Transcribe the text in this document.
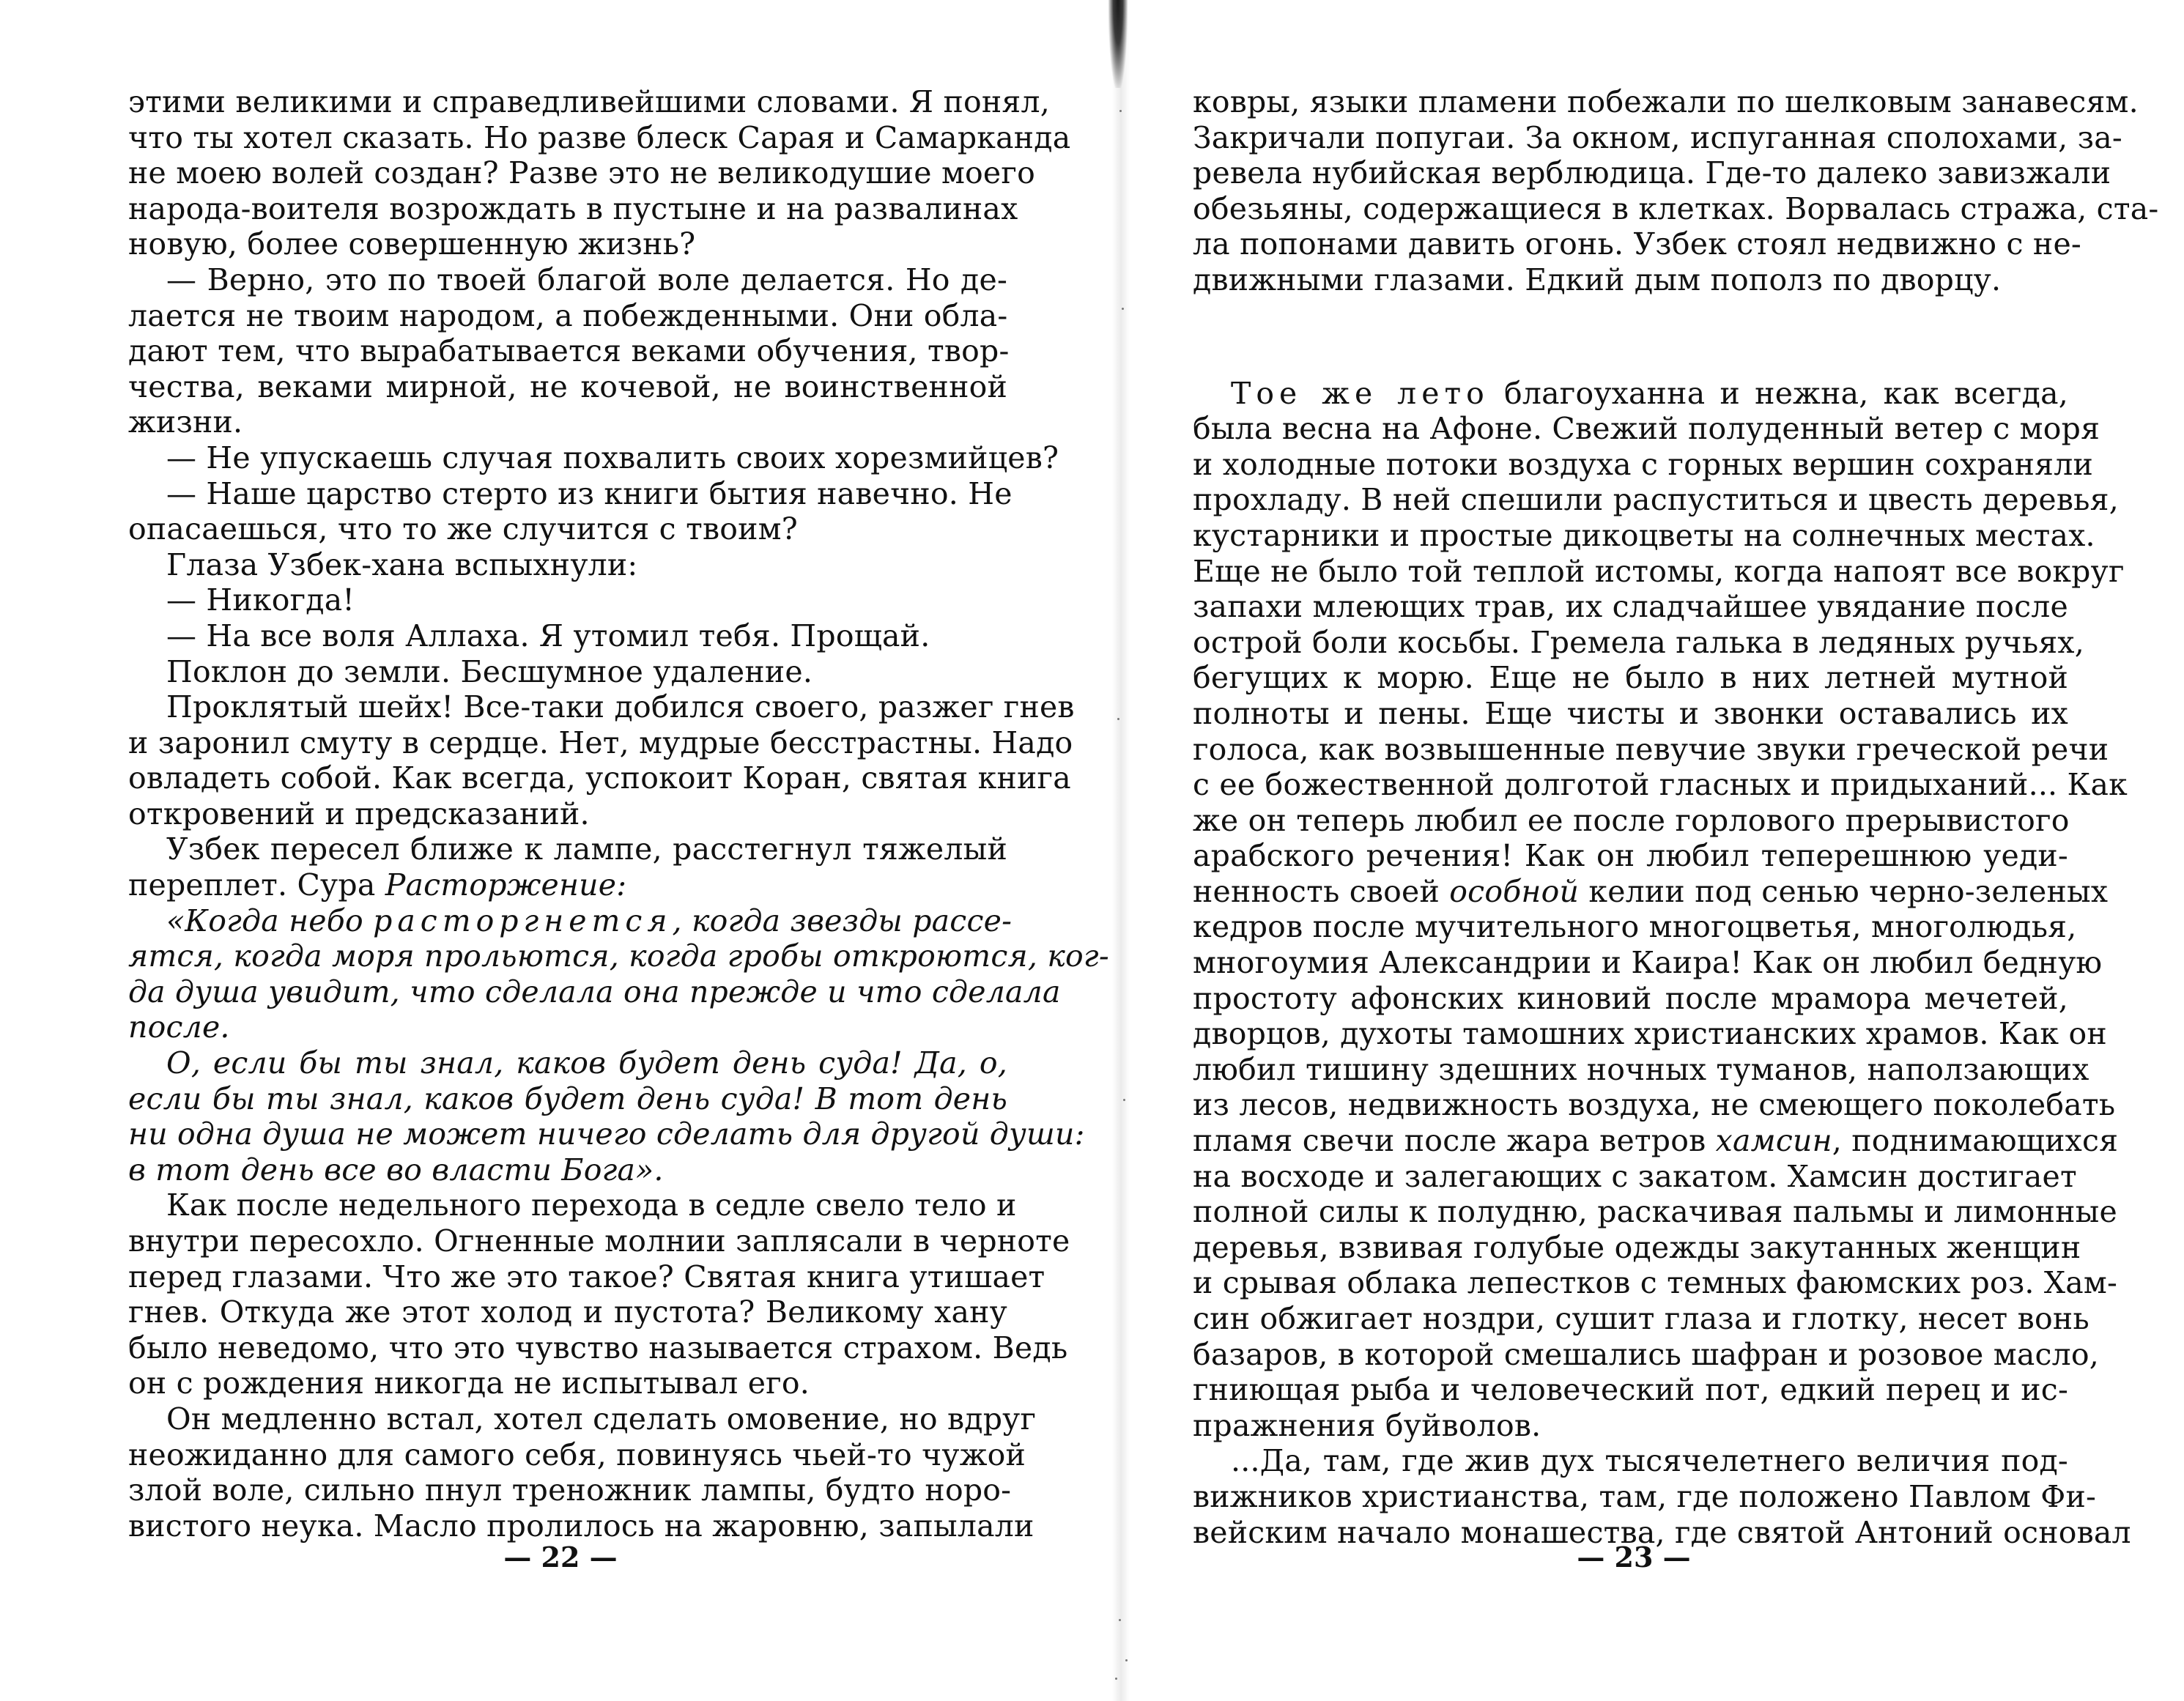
этими великими и справедливейшими словами. Я понял,
что ты хотел сказать. Но разве блеск Сарая и Самарканда
не моею волей создан? Разве это не великодушие моего
народа-воителя возрождать в пустыне и на развалинах
новую, более совершенную жизнь?
— Верно, это по твоей благой воле делается. Но де-
лается не твоим народом, а побежденными. Они обла-
дают тем, что вырабатывается веками обучения, твор-
чества, веками мирной, не кочевой, не воинственной
жизни.
— Не упускаешь случая похвалить своих хорезмийцев?
— Наше царство стерто из книги бытия навечно. Не
опасаешься, что то же случится с твоим?
Глаза Узбек-хана вспыхнули:
— Никогда!
— На все воля Аллаха. Я утомил тебя. Прощай.
Поклон до земли. Бесшумное удаление.
Проклятый шейх! Все-таки добился своего, разжег гнев
и заронил смуту в сердце. Нет, мудрые бесстрастны. Надо
овладеть собой. Как всегда, успокоит Коран, святая книга
откровений и предсказаний.
Узбек пересел ближе к лампе, расстегнул тяжелый
переплет. Сура Расторжение:
«Когда небо расторгнется, когда звезды рассе-
ятся, когда моря прольются, когда гробы откроются, ког-
да душа увидит, что сделала она прежде и что сделала
после.
О, если бы ты знал, каков будет день суда! Да, о,
если бы ты знал, каков будет день суда! В тот день
ни одна душа не может ничего сделать для другой души:
в тот день все во власти Бога».
Как после недельного перехода в седле свело тело и
внутри пересохло. Огненные молнии заплясали в черноте
перед глазами. Что же это такое? Святая книга утишает
гнев. Откуда же этот холод и пустота? Великому хану
было неведомо, что это чувство называется страхом. Ведь
он с рождения никогда не испытывал его.
Он медленно встал, хотел сделать омовение, но вдруг
неожиданно для самого себя, повинуясь чьей-то чужой
злой воле, сильно пнул треножник лампы, будто норо-
вистого неука. Масло пролилось на жаровню, запылали
— 22 —
ковры, языки пламени побежали по шелковым занавесям.
Закричали попугаи. За окном, испуганная сполохами, за-
ревела нубийская верблюдица. Где-то далеко завизжали
обезьяны, содержащиеся в клетках. Ворвалась стража, ста-
ла попонами давить огонь. Узбек стоял недвижно с не-
движными глазами. Едкий дым пополз по дворцу.
Тое же лето благоуханна и нежна, как всегда,
была весна на Афоне. Свежий полуденный ветер с моря
и холодные потоки воздуха с горных вершин сохраняли
прохладу. В ней спешили распуститься и цвесть деревья,
кустарники и простые дикоцветы на солнечных местах.
Еще не было той теплой истомы, когда напоят все вокруг
запахи млеющих трав, их сладчайшее увядание после
острой боли косьбы. Гремела галька в ледяных ручьях,
бегущих к морю. Еще не было в них летней мутной
полноты и пены. Еще чисты и звонки оставались их
голоса, как возвышенные певучие звуки греческой речи
с ее божественной долготой гласных и придыханий... Как
же он теперь любил ее после горлового прерывистого
арабского речения! Как он любил теперешнюю уеди-
ненность своей особной келии под сенью черно-зеленых
кедров после мучительного многоцветья, многолюдья,
многоумия Александрии и Каира! Как он любил бедную
простоту афонских киновий после мрамора мечетей,
дворцов, духоты тамошних христианских храмов. Как он
любил тишину здешних ночных туманов, наползающих
из лесов, недвижность воздуха, не смеющего поколебать
пламя свечи после жара ветров хамсин, поднимающихся
на восходе и залегающих с закатом. Хамсин достигает
полной силы к полудню, раскачивая пальмы и лимонные
деревья, взвивая голубые одежды закутанных женщин
и срывая облака лепестков с темных фаюмских роз. Хам-
син обжигает ноздри, сушит глаза и глотку, несет вонь
базаров, в которой смешались шафран и розовое масло,
гниющая рыба и человеческий пот, едкий перец и ис-
пражнения буйволов.
...Да, там, где жив дух тысячелетнего величия под-
вижников христианства, там, где положено Павлом Фи-
вейским начало монашества, где святой Антоний основал
— 23 —
